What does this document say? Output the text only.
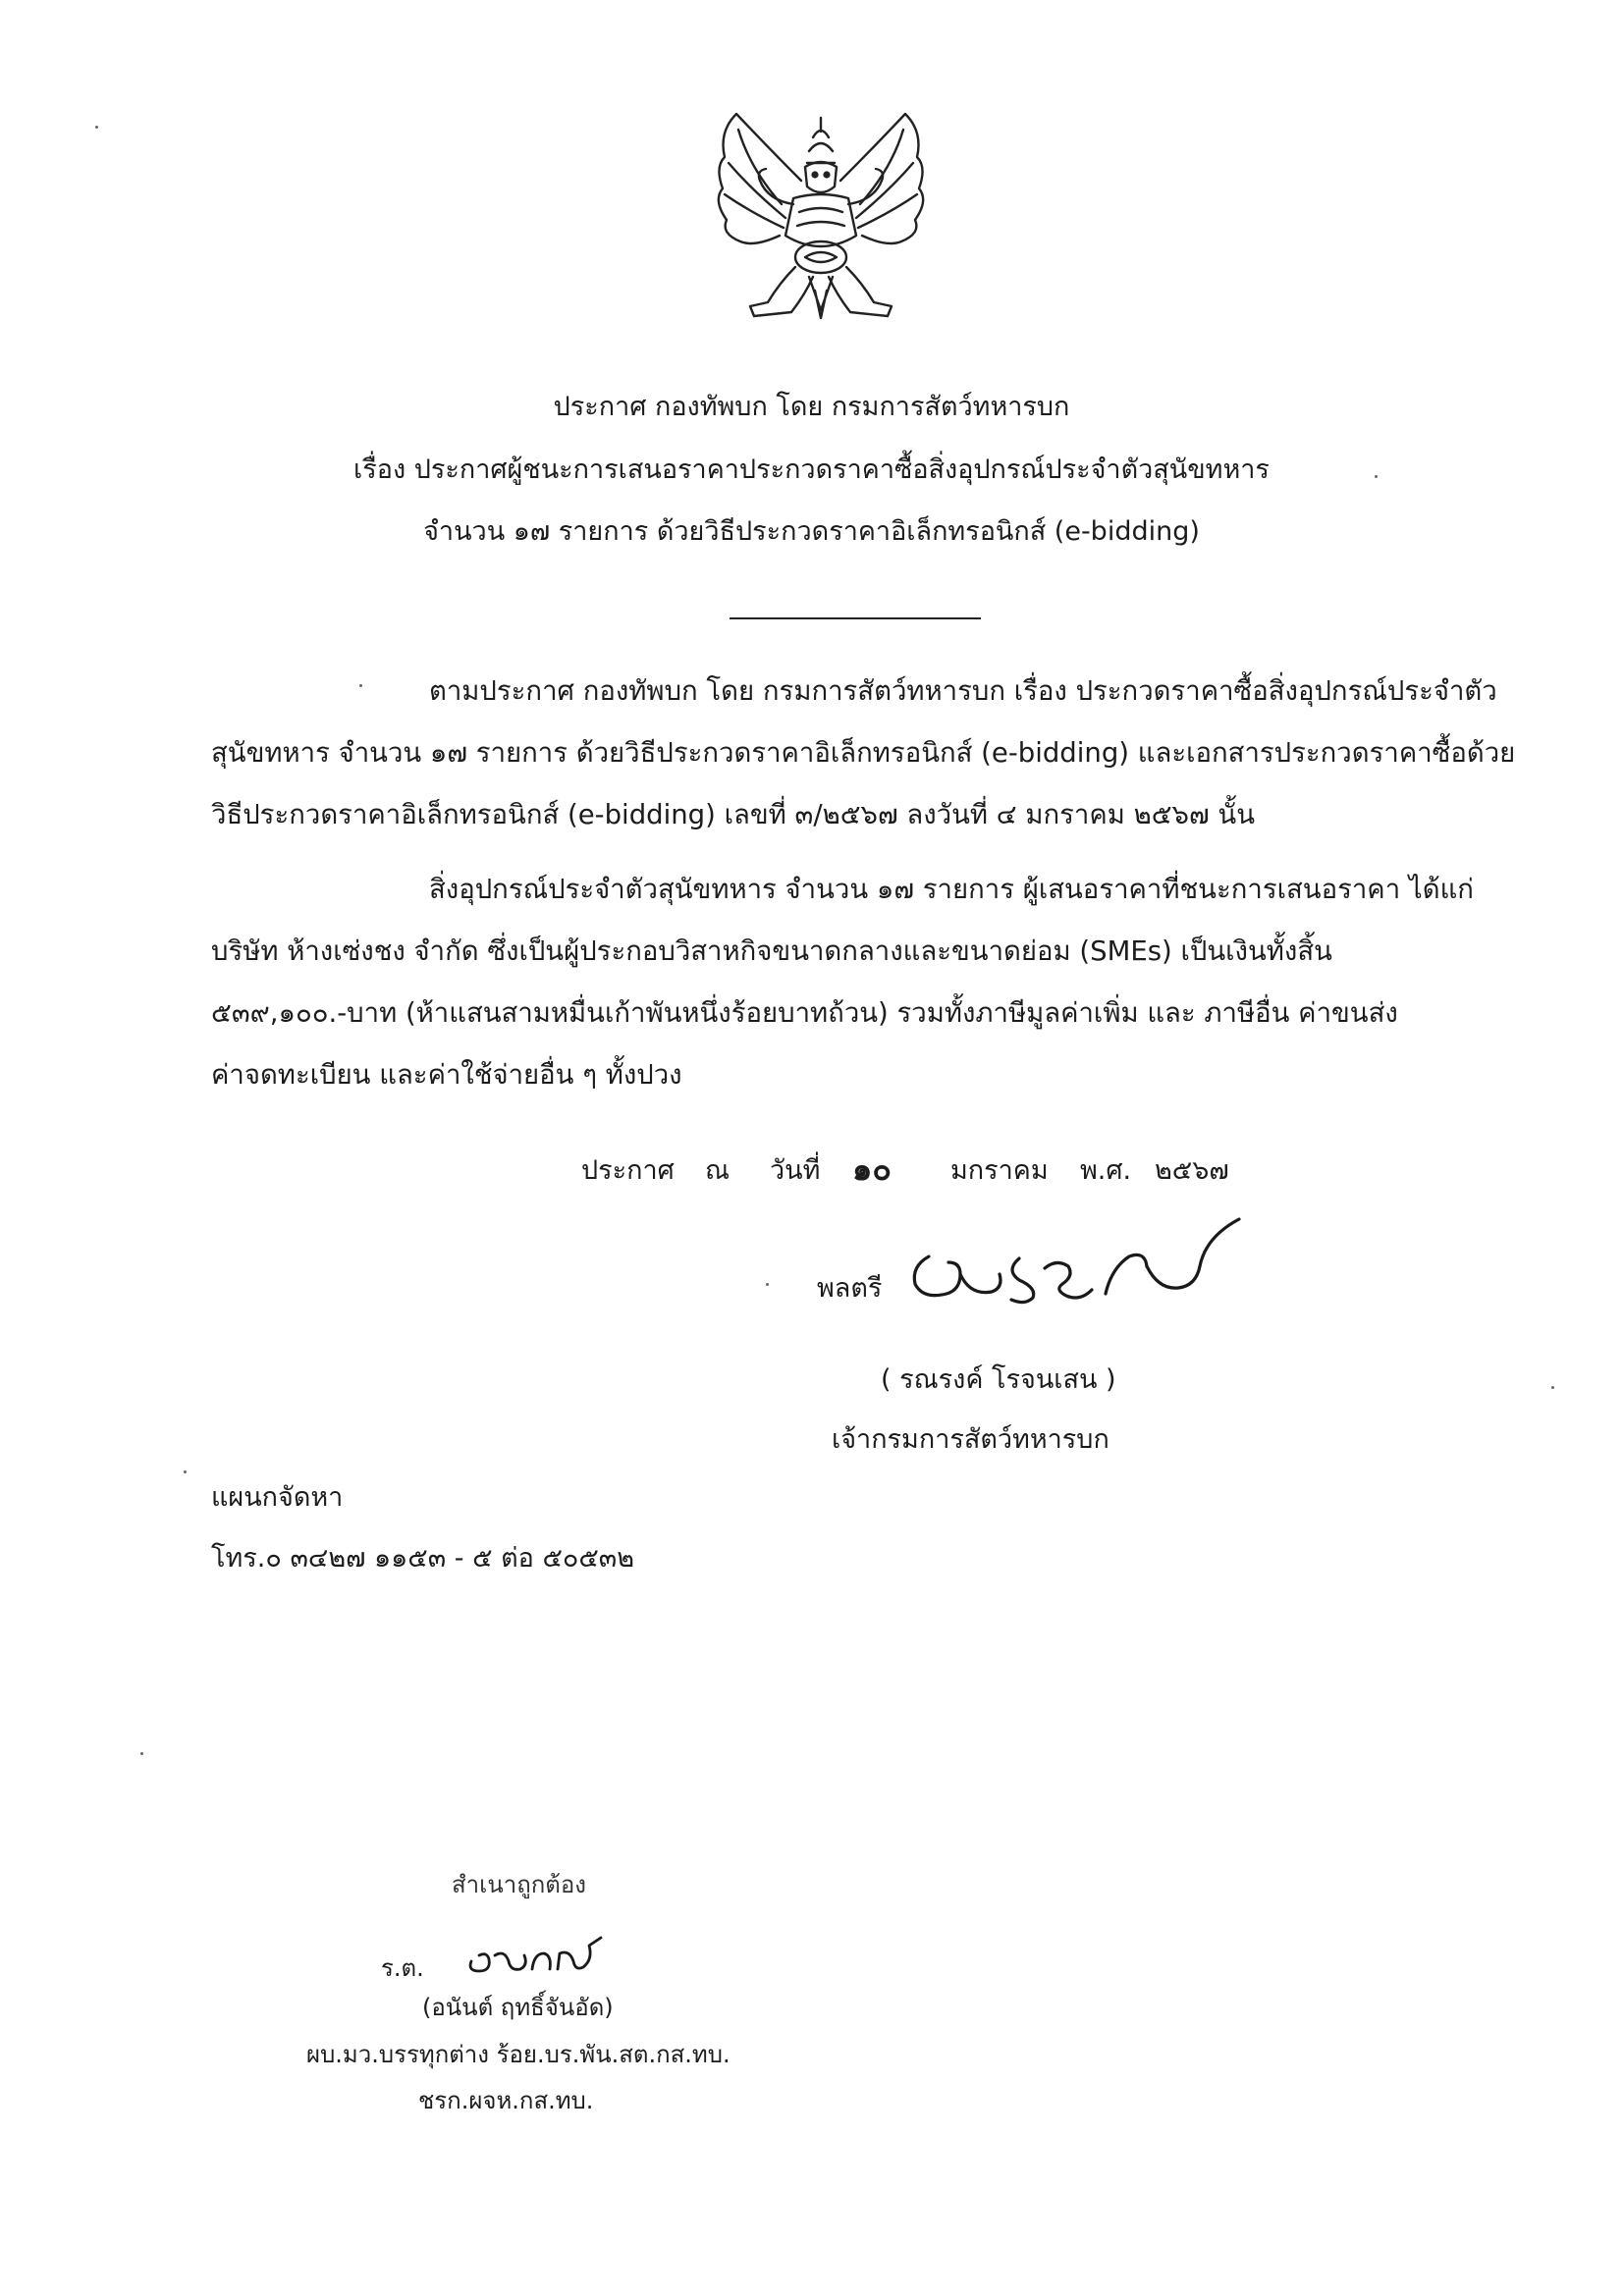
ประกาศ กองทัพบก โดย กรมการสัตว์ทหารบก
เรื่อง ประกาศผู้ชนะการเสนอราคาประกวดราคาซื้อสิ่งอุปกรณ์ประจำตัวสุนัขทหาร
จำนวน ๑๗ รายการ ด้วยวิธีประกวดราคาอิเล็กทรอนิกส์ (e-bidding)
ตามประกาศ กองทัพบก โดย กรมการสัตว์ทหารบก เรื่อง ประกวดราคาซื้อสิ่งอุปกรณ์ประจำตัว
สุนัขทหาร จำนวน ๑๗ รายการ ด้วยวิธีประกวดราคาอิเล็กทรอนิกส์ (e-bidding) และเอกสารประกวดราคาซื้อด้วย
วิธีประกวดราคาอิเล็กทรอนิกส์ (e-bidding) เลขที่ ๓/๒๕๖๗ ลงวันที่ ๔ มกราคม ๒๕๖๗ นั้น
สิ่งอุปกรณ์ประจำตัวสุนัขทหาร จำนวน ๑๗ รายการ ผู้เสนอราคาที่ชนะการเสนอราคา ได้แก่
บริษัท ห้างเซ่งชง จำกัด ซึ่งเป็นผู้ประกอบวิสาหกิจขนาดกลางและขนาดย่อม (SMEs) เป็นเงินทั้งสิ้น
๕๓๙,๑๐๐.-บาท (ห้าแสนสามหมื่นเก้าพันหนึ่งร้อยบาทถ้วน) รวมทั้งภาษีมูลค่าเพิ่ม และ ภาษีอื่น ค่าขนส่ง
ค่าจดทะเบียน และค่าใช้จ่ายอื่น ๆ ทั้งปวง
ประกาศ ณ วันที่ ๑๐ มกราคม พ.ศ. ๒๕๖๗
พลตรี
( รณรงค์ โรจนเสน )
เจ้ากรมการสัตว์ทหารบก
แผนกจัดหา
โทร.๐ ๓๔๒๗ ๑๑๕๓ - ๕ ต่อ ๕๐๕๓๒
สำเนาถูกต้อง
ร.ต.
(อนันต์ ฤทธิ์จันอัด)
ผบ.มว.บรรทุกต่าง ร้อย.บร.พัน.สต.กส.ทบ.
ชรก.ผจห.กส.ทบ.
